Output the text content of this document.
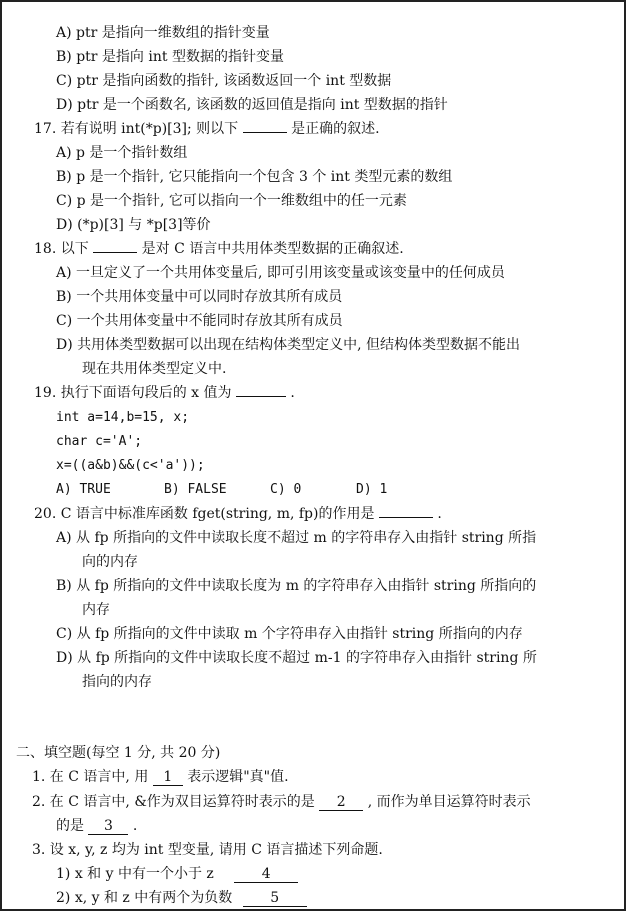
A) ptr 是指向一维数组的指针变量
B) ptr 是指向 int 型数据的指针变量
C) ptr 是指向函数的指针, 该函数返回一个 int 型数据
D) ptr 是一个函数名, 该函数的返回值是指向 int 型数据的指针
17. 若有说明 int(*p)[3]; 则以下	是正确的叙述.
A) p 是一个指针数组
B) p 是一个指针, 它只能指向一个包含 3 个 int 类型元素的数组
C) p 是一个指针, 它可以指向一个一维数组中的任一元素
D) (*p)[3] 与 *p[3]等价
18. 以下	是对 C 语言中共用体类型数据的正确叙述.
A) 一旦定义了一个共用体变量后, 即可引用该变量或该变量中的任何成员
B) 一个共用体变量中可以同时存放其所有成员
C) 一个共用体变量中不能同时存放其所有成员
D) 共用体类型数据可以出现在结构体类型定义中, 但结构体类型数据不能出
现在共用体类型定义中.
19. 执行下面语句段后的 x 值为	.
int a=14,b=15, x;
char c='A';
x=((a&b)&&(c<'a'));
A) TRUE	B) FALSE	C) 0	D) 1
20. C 语言中标准库函数 fget(string, m, fp)的作用是	.
A) 从 fp 所指向的文件中读取长度不超过 m 的字符串存入由指针 string 所指
向的内存
B) 从 fp 所指向的文件中读取长度为 m 的字符串存入由指针 string 所指向的
内存
C) 从 fp 所指向的文件中读取 m 个字符串存入由指针 string 所指向的内存
D) 从 fp 所指向的文件中读取长度不超过 m-1 的字符串存入由指针 string 所
指向的内存
二、填空题(每空 1 分, 共 20 分)
1. 在 C 语言中, 用 1 表示逻辑"真"值.
2. 在 C 语言中, &作为双目运算符时表示的是 2 , 而作为单目运算符时表示
的是 3 .
3. 设 x, y, z 均为 int 型变量, 请用 C 语言描述下列命题.
1) x 和 y 中有一个小于 z	4
2) x, y 和 z 中有两个为负数	5
